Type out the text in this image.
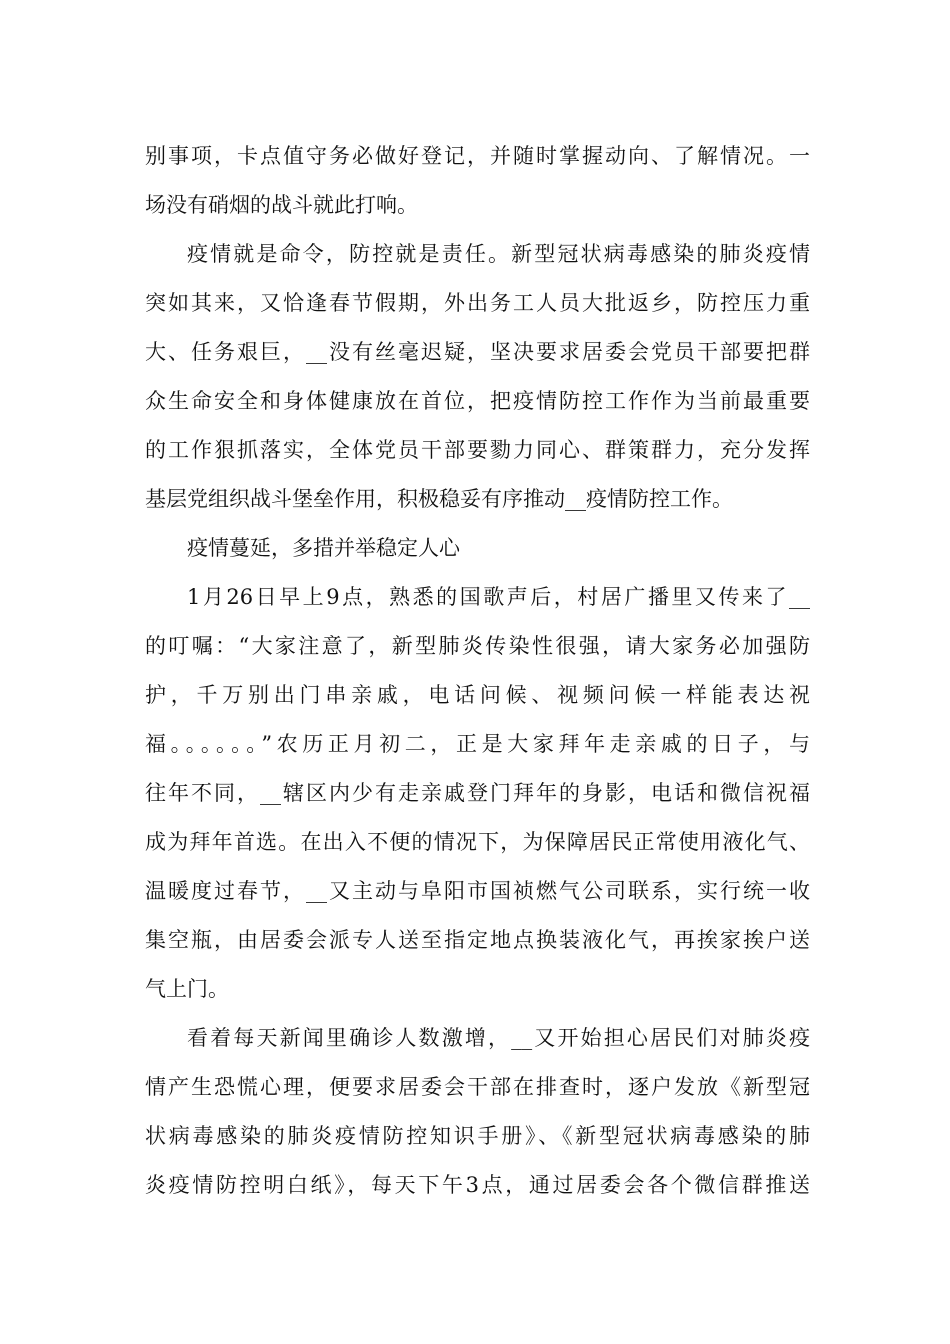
别事项，卡点值守务必做好登记，并随时掌握动向、了解情况。一
场没有硝烟的战斗就此打响。
疫情就是命令，防控就是责任。新型冠状病毒感染的肺炎疫情
突如其来，又恰逢春节假期，外出务工人员大批返乡，防控压力重
大、任务艰巨，__没有丝毫迟疑，坚决要求居委会党员干部要把群
众生命安全和身体健康放在首位，把疫情防控工作作为当前最重要
的工作狠抓落实，全体党员干部要勠力同心、群策群力，充分发挥
基层党组织战斗堡垒作用，积极稳妥有序推动__疫情防控工作。
疫情蔓延，多措并举稳定人心
1月26日早上9点，熟悉的国歌声后，村居广播里又传来了__
的叮嘱：“大家注意了，新型肺炎传染性很强，请大家务必加强防
护，千万别出门串亲戚，电话问候、视频问候一样能表达祝
福。。。。。。”农历正月初二，正是大家拜年走亲戚的日子，与
往年不同，__辖区内少有走亲戚登门拜年的身影，电话和微信祝福
成为拜年首选。在出入不便的情况下，为保障居民正常使用液化气、
温暖度过春节，__又主动与阜阳市国祯燃气公司联系，实行统一收
集空瓶，由居委会派专人送至指定地点换装液化气，再挨家挨户送
气上门。
看着每天新闻里确诊人数激增，__又开始担心居民们对肺炎疫
情产生恐慌心理，便要求居委会干部在排查时，逐户发放《新型冠
状病毒感染的肺炎疫情防控知识手册》、《新型冠状病毒感染的肺
炎疫情防控明白纸》，每天下午3点，通过居委会各个微信群推送
